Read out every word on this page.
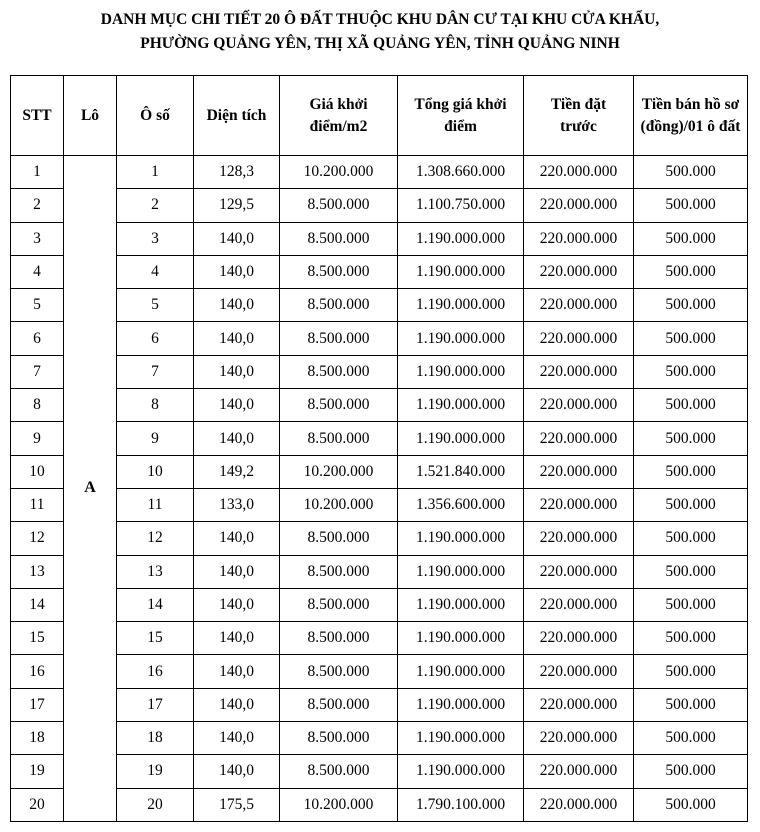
DANH MỤC CHI TIẾT 20 Ô ĐẤT THUỘC KHU DÂN CƯ TẠI KHU CỬA KHẨU,
PHƯỜNG QUẢNG YÊN, THỊ XÃ QUẢNG YÊN, TỈNH QUẢNG NINH
STT	Lô	Ô số	Diện tích	Giá khởi điểm/m2	Tổng giá khởi điểm	Tiền đặt trước	Tiền bán hồ sơ (đồng)/01 ô đất
1	A	1	128,3	10.200.000	1.308.660.000	220.000.000	500.000
2		2	129,5	8.500.000	1.100.750.000	220.000.000	500.000
3		3	140,0	8.500.000	1.190.000.000	220.000.000	500.000
4		4	140,0	8.500.000	1.190.000.000	220.000.000	500.000
5		5	140,0	8.500.000	1.190.000.000	220.000.000	500.000
6		6	140,0	8.500.000	1.190.000.000	220.000.000	500.000
7		7	140,0	8.500.000	1.190.000.000	220.000.000	500.000
8		8	140,0	8.500.000	1.190.000.000	220.000.000	500.000
9		9	140,0	8.500.000	1.190.000.000	220.000.000	500.000
10		10	149,2	10.200.000	1.521.840.000	220.000.000	500.000
11		11	133,0	10.200.000	1.356.600.000	220.000.000	500.000
12		12	140,0	8.500.000	1.190.000.000	220.000.000	500.000
13		13	140,0	8.500.000	1.190.000.000	220.000.000	500.000
14		14	140,0	8.500.000	1.190.000.000	220.000.000	500.000
15		15	140,0	8.500.000	1.190.000.000	220.000.000	500.000
16		16	140,0	8.500.000	1.190.000.000	220.000.000	500.000
17		17	140,0	8.500.000	1.190.000.000	220.000.000	500.000
18		18	140,0	8.500.000	1.190.000.000	220.000.000	500.000
19		19	140,0	8.500.000	1.190.000.000	220.000.000	500.000
20		20	175,5	10.200.000	1.790.100.000	220.000.000	500.000
